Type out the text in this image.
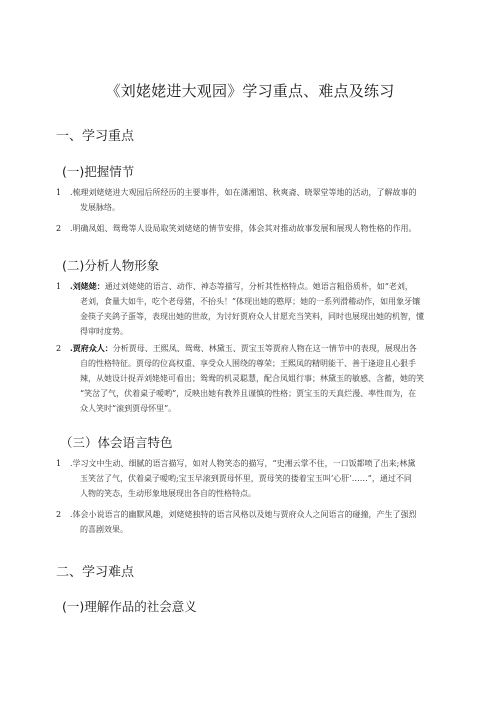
《刘姥姥进大观园》学习重点、难点及练习
一、学习重点
(一)把握情节
1	.梳理刘姥姥进大观园后所经历的主要事件，如在潇湘馆、秋爽斋、晓翠堂等地的活动，了解故事的
发展脉络。
2	.明确凤姐、鸳鸯等人设局取笑刘姥姥的情节安排，体会其对推动故事发展和展现人物性格的作用。
(二)分析人物形象
1	.刘姥姥：通过刘姥姥的语言、动作、神态等描写，分析其性格特点。她语言粗俗质朴，如“老刘，
老刘，食量大如牛，吃个老母猪，不抬头！”体现出她的憨厚；她的一系列滑稽动作，如用象牙镶
金筷子夹鸽子蛋等，表现出她的世故，为讨好贾府众人甘愿充当笑料，同时也展现出她的机智，懂
得审时度势。
2	.贾府众人：分析贾母、王熙凤、鸳鸯、林黛玉、贾宝玉等贾府人物在这一情节中的表现，展现出各
自的性格特征。贾母的位高权重、享受众人围绕的尊荣；王熙凤的精明能干、善于逢迎且心狠手
辣，从她设计捉弄刘姥姥可看出；鸳鸯的机灵聪慧，配合凤姐行事；林黛玉的敏感、含蓄，她的笑
“笑岔了气，伏着桌子嗳哟”，反映出她有教养且谨慎的性格；贾宝玉的天真烂漫、率性而为，在
众人笑时“滚到贾母怀里”。
（三）体会语言特色
1	.学习文中生动、细腻的语言描写，如对人物笑态的描写，“史湘云掌不住，一口饭都喷了出来;林黛
玉笑岔了气，伏着桌子嗳哟;宝玉早滚到贾母怀里，贾母笑的搂着宝玉叫‘心肝’……”，通过不同
人物的笑态，生动形象地展现出各自的性格特点。
2	.体会小说语言的幽默风趣，刘姥姥独特的语言风格以及她与贾府众人之间语言的碰撞，产生了强烈
的喜剧效果。
二、学习难点
(一)理解作品的社会意义
